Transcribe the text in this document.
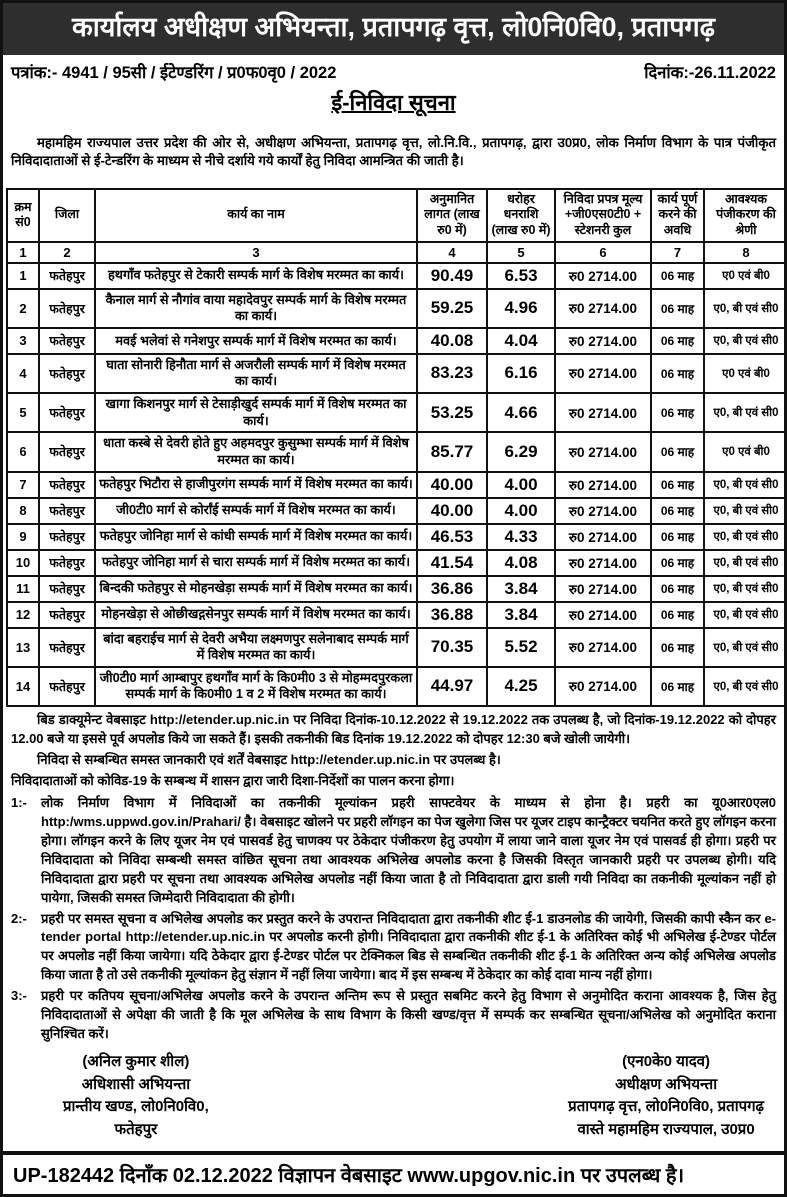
कार्यालय अधीक्षण अभियन्ता, प्रतापगढ़ वृत्त, लो0नि0वि0, प्रतापगढ़
पत्रांक:- 4941 / 95सी / ईटेण्डरिंग / प्र0फ0वृ0 / 2022	दिनांक:-26.11.2022
ई-निविदा सूचना

महामहिम राज्यपाल उत्तर प्रदेश की ओर से, अधीक्षण अभियन्ता, प्रतापगढ़ वृत्त, लो.नि.वि., प्रतापगढ़, द्वारा उ0प्र0, लोक निर्माण विभाग के पात्र पंजीकृत निविदादाताओं से ई-टेन्डरिंग के माध्यम से नीचे दर्शाये गये कार्यों हेतु निविदा आमन्त्रित की जाती है।

क्रम सं0	जिला	कार्य का नाम	अनुमानित लागत (लाख रु0 में)	धरोहर धनराशि (लाख रु0 में)	निविदा प्रपत्र मूल्य +जी0एस0टी0 + स्टेशनरी कुल	कार्य पूर्ण करने की अवधि	आवश्यक पंजीकरण की श्रेणी
1	2	3	4	5	6	7	8
1	फतेहपुर	हथगाँव फतेहपुर से टेकारी सम्पर्क मार्ग के विशेष मरम्मत का कार्य।	90.49	6.53	रु0 2714.00	06 माह	ए0 एवं बी0
2	फतेहपुर	कैनाल मार्ग से नौगांव वाया महादेवपुर सम्पर्क मार्ग के विशेष मरम्मत का कार्य।	59.25	4.96	रु0 2714.00	06 माह	ए0, बी एवं सी0
3	फतेहपुर	मवई भलेवां से गनेशपुर सम्पर्क मार्ग में विशेष मरम्मत का कार्य।	40.08	4.04	रु0 2714.00	06 माह	ए0, बी एवं सी0
4	फतेहपुर	घाता सोनारी हिनौता मार्ग से अजरौली सम्पर्क मार्ग में विशेष मरम्मत का कार्य।	83.23	6.16	रु0 2714.00	06 माह	ए0 एवं बी0
5	फतेहपुर	खागा किशनपुर मार्ग से टेसाड़ीखुर्द सम्पर्क मार्ग में विशेष मरम्मत का कार्य।	53.25	4.66	रु0 2714.00	06 माह	ए0, बी एवं सी0
6	फतेहपुर	धाता कस्बे से देवरी होते हुए अहमदपुर कुसुम्भा सम्पर्क मार्ग में विशेष मरम्मत का कार्य।	85.77	6.29	रु0 2714.00	06 माह	ए0 एवं बी0
7	फतेहपुर	फतेहपुर भिटौरा से हाजीपुरगंग सम्पर्क मार्ग में विशेष मरम्मत का कार्य।	40.00	4.00	रु0 2714.00	06 माह	ए0, बी एवं सी0
8	फतेहपुर	जी0टी0 मार्ग से कोर्रांई सम्पर्क मार्ग में विशेष मरम्मत का कार्य।	40.00	4.00	रु0 2714.00	06 माह	ए0, बी एवं सी0
9	फतेहपुर	फतेहपुर जोनिहा मार्ग से कांधी सम्पर्क मार्ग में विशेष मरम्मत का कार्य।	46.53	4.33	रु0 2714.00	06 माह	ए0, बी एवं सी0
10	फतेहपुर	फतेहपुर जोनिहा मार्ग से चारा सम्पर्क मार्ग में विशेष मरम्मत का कार्य।	41.54	4.08	रु0 2714.00	06 माह	ए0, बी एवं सी0
11	फतेहपुर	बिन्दकी फतेहपुर से मोहनखेड़ा सम्पर्क मार्ग में विशेष मरम्मत का कार्य।	36.86	3.84	रु0 2714.00	06 माह	ए0, बी एवं सी0
12	फतेहपुर	मोहनखेड़ा से ओछीखद्गसेनपुर सम्पर्क मार्ग में विशेष मरम्मत का कार्य।	36.88	3.84	रु0 2714.00	06 माह	ए0, बी एवं सी0
13	फतेहपुर	बांदा बहराईच मार्ग से देवरी अभैया लक्ष्मणपुर सलेनाबाद सम्पर्क मार्ग में विशेष मरम्मत का कार्य।	70.35	5.52	रु0 2714.00	06 माह	ए0, बी एवं सी0
14	फतेहपुर	जी0टी0 मार्ग आम्बापुर हथगाँव मार्ग के कि0मी0 3 से मोहम्मदपुरकला सम्पर्क मार्ग के कि0मी0 1 व 2 में विशेष मरम्मत का कार्य।	44.97	4.25	रु0 2714.00	06 माह	ए0, बी एवं सी0

बिड डाक्यूमेन्ट वेबसाइट http://etender.up.nic.in पर निविदा दिनांक-10.12.2022 से 19.12.2022 तक उपलब्ध है, जो दिनांक-19.12.2022 को दोपहर 12.00 बजे या इससे पूर्व अपलोड किये जा सकते हैं। इसकी तकनीकी बिड दिनांक 19.12.2022 को दोपहर 12:30 बजे खोली जायेगी।

निविदा से सम्बन्धित समस्त जानकारी एवं शर्तें वेबसाइट http://etender.up.nic.in पर उपलब्ध है।

निविदादाताओं को कोविड-19 के सम्बन्ध में शासन द्वारा जारी दिशा-निर्देशों का पालन करना होगा।

1:-	लोक निर्माण विभाग में निविदाओं का तकनीकी मूल्यांकन प्रहरी साफ्टवेयर के माध्यम से होना है। प्रहरी का यू0आर0एल0 http:/wms.uppwd.gov.in/Prahari/ है। वेबसाइट खोलने पर प्रहरी लॉगइन का पेज खुलेगा जिस पर यूजर टाइप कान्ट्रैक्टर चयनित करते हुए लॉगइन करना होगा। लॉगइन करने के लिए यूजर नेम एवं पासवर्ड हेतु चाणक्य पर ठेकेदार पंजीकरण हेतु उपयोग में लाया जाने वाला यूजर नेम एवं पासवर्ड ही होगा। प्रहरी पर निविदादाता को निविदा सम्बन्धी समस्त वांछित सूचना तथा आवश्यक अभिलेख अपलोड करना है जिसकी विस्तृत जानकारी प्रहरी पर उपलब्ध होगी। यदि निविदादाता द्वारा प्रहरी पर सूचना तथा आवश्यक अभिलेख अपलोड नहीं किया जाता है तो निविदादाता द्वारा डाली गयी निविदा का तकनीकी मूल्यांकन नहीं हो पायेगा, जिसकी समस्त जिम्मेदारी निविदादाता की होगी।
2:-	प्रहरी पर समस्त सूचना व अभिलेख अपलोड कर प्रस्तुत करने के उपरान्त निविदादाता द्वारा तकनीकी शीट ई-1 डाउनलोड की जायेगी, जिसकी कापी स्कैन कर e-tender portal http://etender.up.nic.in पर अपलोड करनी होगी। निविदादाता द्वारा तकनीकी शीट ई-1 के अतिरिक्त कोई भी अभिलेख ई-टेण्डर पोर्टल पर अपलोड नहीं किया जायेगा। यदि ठेकेदार द्वारा ई-टेण्डर पोर्टल पर टेक्निकल बिड से सम्बन्धित तकनीकी शीट ई-1 के अतिरिक्त अन्य कोई अभिलेख अपलोड किया जाता है तो उसे तकनीकी मूल्यांकन हेतु संज्ञान में नहीं लिया जायेगा। बाद में इस सम्बन्ध में ठेकेदार का कोई दावा मान्य नहीं होगा।
3:-	प्रहरी पर कतिपय सूचना/अभिलेख अपलोड करने के उपरान्त अन्तिम रूप से प्रस्तुत सबमिट करने हेतु विभाग से अनुमोदित कराना आवश्यक है, जिस हेतु निविदादाताओं से अपेक्षा की जाती है कि मूल अभिलेख के साथ विभाग के किसी खण्ड/वृत्त में सम्पर्क कर सम्बन्धित सूचना/अभिलेख को अनुमोदित कराना सुनिश्चित करें।
(अनिल कुमार शील)
अधिशासी अभियन्ता
प्रान्तीय खण्ड, लो0नि0वि0,
फतेहपुर
(एन0के0 यादव)
अधीक्षण अभियन्ता
प्रतापगढ़ वृत्त, लो0नि0वि0, प्रतापगढ़
वास्ते महामहिम राज्यपाल, उ0प्र0
UP-182442 दिनाँक 02.12.2022 विज्ञापन वेबसाइट www.upgov.nic.in पर उपलब्ध है।
